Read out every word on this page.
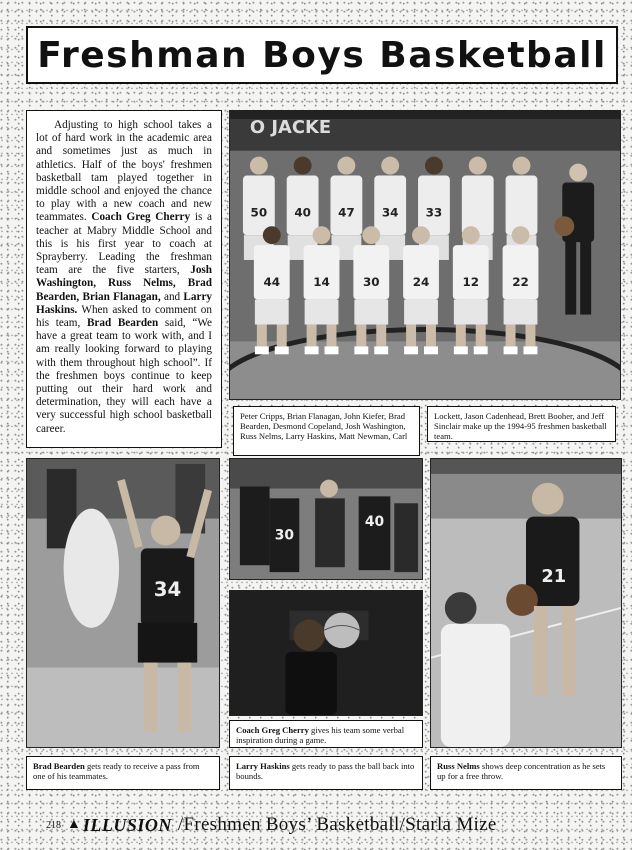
Freshman Boys Basketball
Adjusting to high school takes a lot of hard work in the academic area and sometimes just as much in athletics. Half of the boys' freshmen basketball tam played together in middle school and enjoyed the chance to play with a new coach and new teammates. Coach Greg Cherry is a teacher at Mabry Middle School and this is his first year to coach at Sprayberry. Leading the freshman team are the five starters, Josh Washington, Russ Nelms, Brad Bearden, Brian Flanagan, and Larry Haskins. When asked to comment on his team, Brad Bearden said, “We have a great team to work with, and I am really looking forward to playing with them throughout high school”. If the freshmen boys continue to keep putting out their hard work and determination, they will each have a very successful high school basketball career.
O JACKE
50 40 47 34 33
44	14	30	24	12	22
Peter Cripps, Brian Flanagan, John Kiefer, Brad Bearden, Desmond Copeland, Josh Washington, Russ Nelms, Larry Haskins, Matt Newman, Carl
Lockett, Jason Cadenhead, Brett Booher, and Jeff Sinclair make up the 1994-95 freshmen basketball team.
34
30
40
21
Brad Bearden gets ready to receive a pass from one of his teammates.
Coach Greg Cherry gives his team some verbal inspiration during a game.
Larry Haskins gets ready to pass the ball back into bounds.
Russ Nelms shows deep concentration as he sets up for a free throw.
218 ▲ ILLUSION /Freshmen Boys’ Basketball/Starla Mize
